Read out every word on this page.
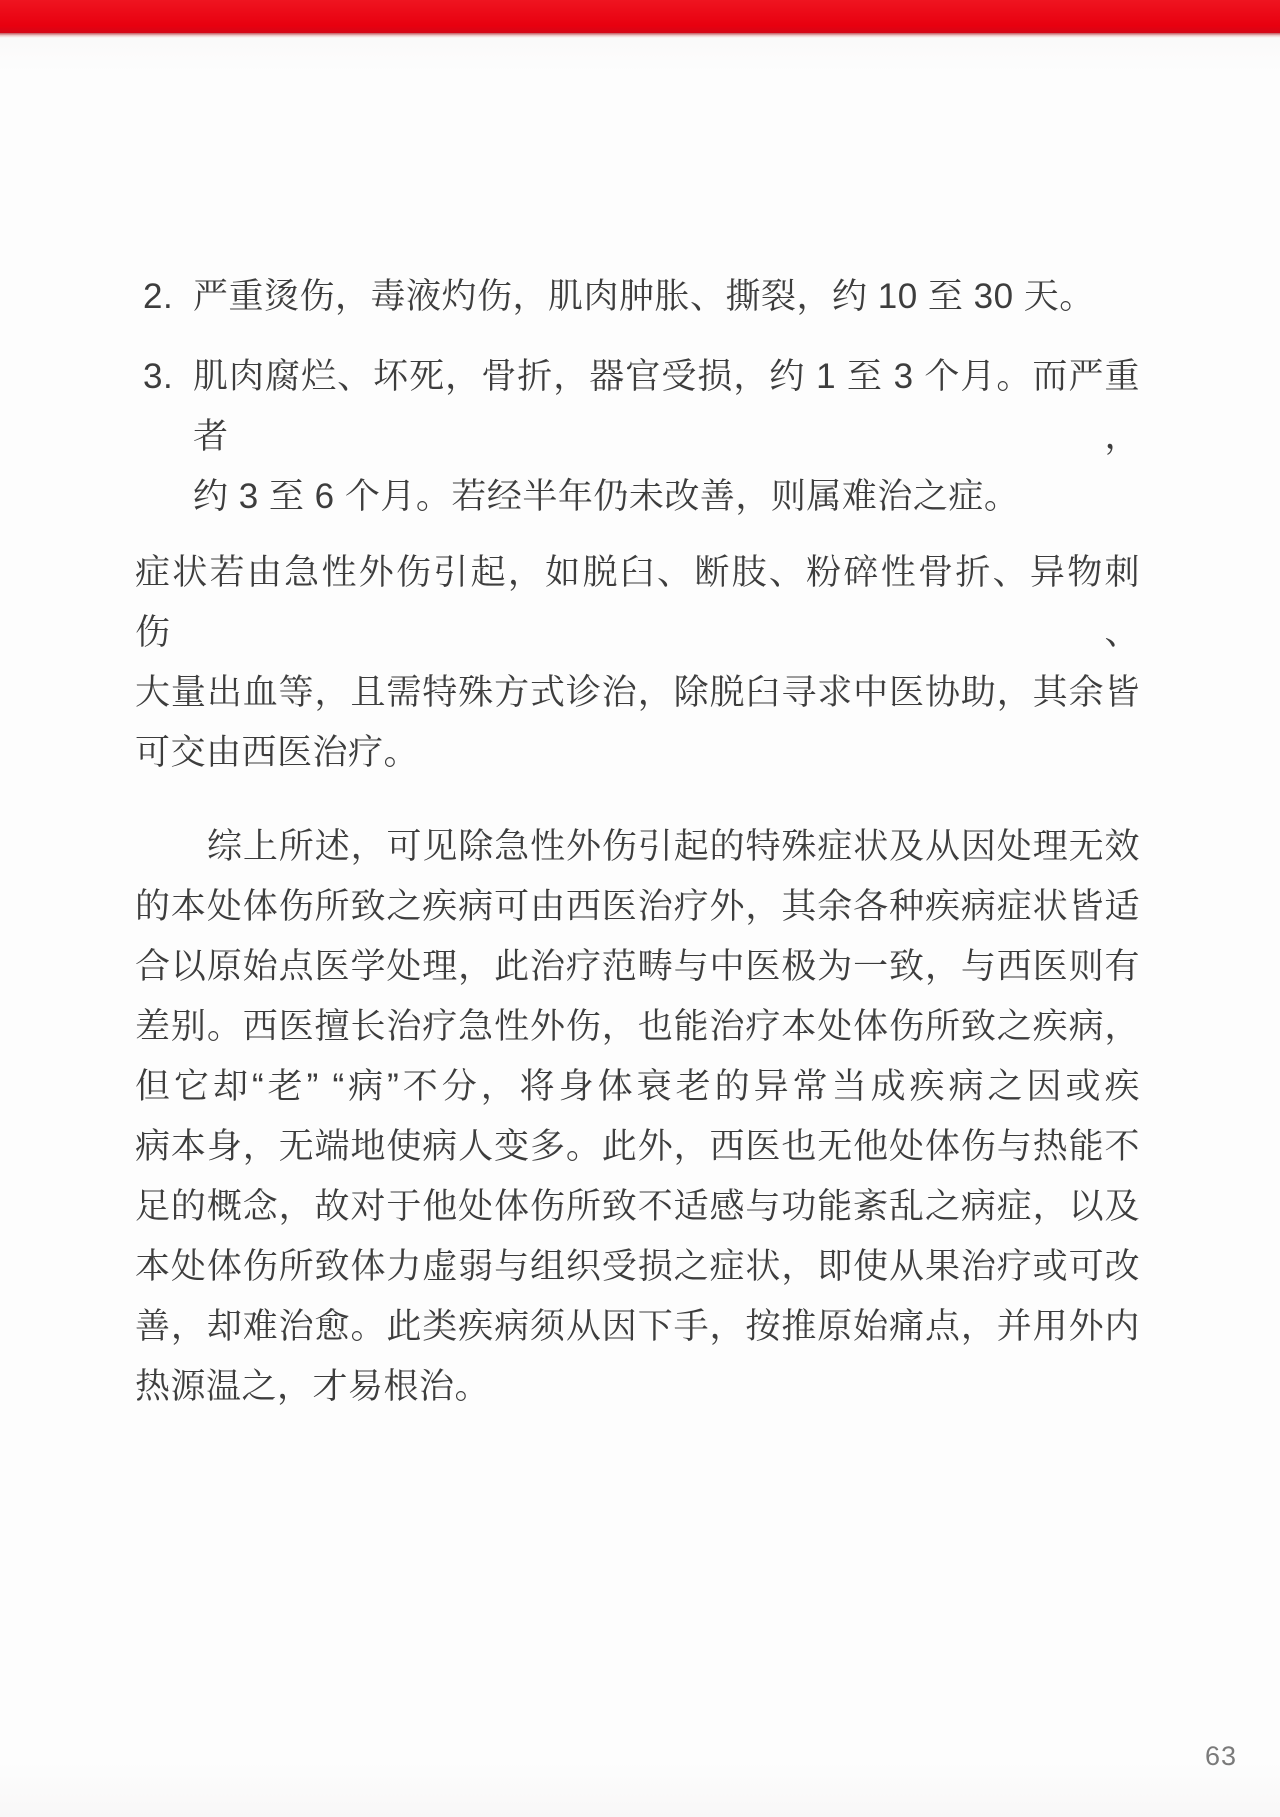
2. 严重烫伤，毒液灼伤，肌肉肿胀、撕裂，约 10 至 30 天。
3. 肌肉腐烂、坏死，骨折，器官受损，约 1 至 3 个月。而严重者，
约 3 至 6 个月。若经半年仍未改善，则属难治之症。
症状若由急性外伤引起，如脱臼、断肢、粉碎性骨折、异物刺伤、
大量出血等，且需特殊方式诊治，除脱臼寻求中医协助，其余皆
可交由西医治疗。
综上所述，可见除急性外伤引起的特殊症状及从因处理无效
的本处体伤所致之疾病可由西医治疗外，其余各种疾病症状皆适
合以原始点医学处理，此治疗范畴与中医极为一致，与西医则有
差别。西医擅长治疗急性外伤，也能治疗本处体伤所致之疾病，
但它却“老” “病”不分，将身体衰老的异常当成疾病之因或疾
病本身，无端地使病人变多。此外，西医也无他处体伤与热能不
足的概念，故对于他处体伤所致不适感与功能紊乱之病症，以及
本处体伤所致体力虚弱与组织受损之症状，即使从果治疗或可改
善，却难治愈。此类疾病须从因下手，按推原始痛点，并用外内
热源温之，才易根治。
63
